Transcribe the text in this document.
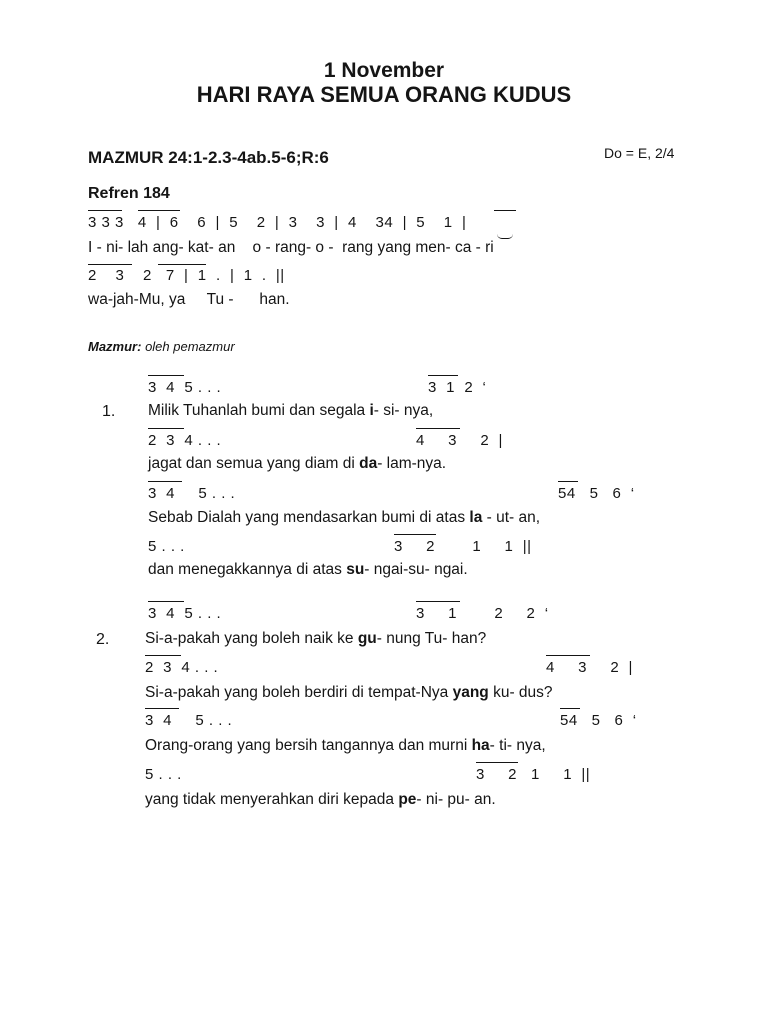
1 November
HARI RAYA SEMUA ORANG KUDUS
MAZMUR 24:1-2.3-4ab.5-6;R:6	Do = E, 2/4
Refren 184
3 3 3   4  |  6    6  |  5    2  |  3    3  |  4    34  |  5    1  |
I - ni- lah ang- kat- an    o - rang- o -  rang yang men- ca - ri
2    3    2   7  |  1  .  |  1  .  ||
wa-jah-Mu, ya     Tu -      han.
Mazmur: oleh pemazmur
1.
3  4  5 . . .	3  1  2  ‘
Milik Tuhanlah bumi dan segala i- si- nya,
2  3  4 . . .	4     3     2  |
jagat dan semua yang diam di da- lam-nya.
3  4     5 . . .	54   5   6  ‘
Sebab Dialah yang mendasarkan bumi di atas la - ut- an,
5 . . .	3     2        1     1  ||
dan menegakkannya di atas su- ngai-su- ngai.
2.
3  4  5 . . .	3     1        2     2  ‘
Si-a-pakah yang boleh naik ke gu- nung Tu- han?
2  3  4 . . .	4     3     2  |
Si-a-pakah yang boleh berdiri di tempat-Nya yang ku- dus?
3  4     5 . . .	54   5   6  ‘
Orang-orang yang bersih tangannya dan murni ha- ti- nya,
5 . . .	3     2   1     1  ||
yang tidak menyerahkan diri kepada pe- ni- pu- an.
